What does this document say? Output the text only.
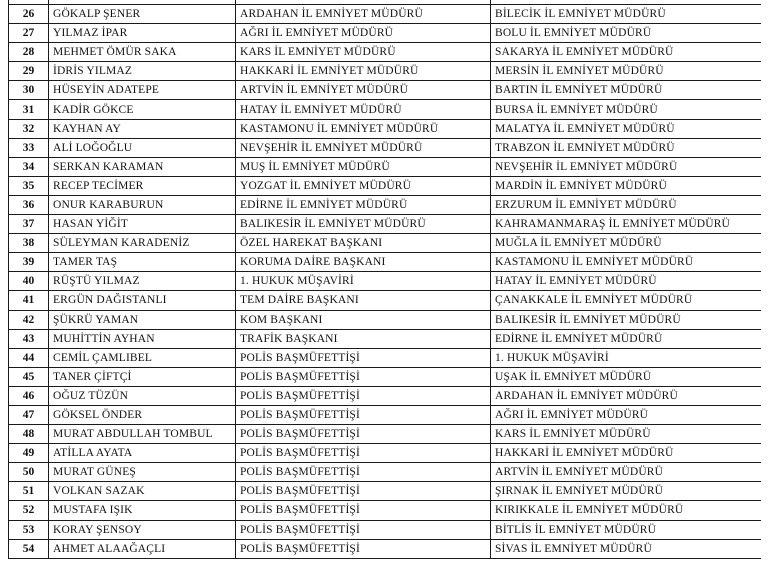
26	GÖKALP ŞENER	ARDAHAN İL EMNİYET MÜDÜRÜ	BİLECİK İL EMNİYET MÜDÜRÜ
27	YILMAZ İPAR	AĞRI İL EMNİYET MÜDÜRÜ	BOLU İL EMNİYET MÜDÜRÜ
28	MEHMET ÖMÜR SAKA	KARS İL EMNİYET MÜDÜRÜ	SAKARYA İL EMNİYET MÜDÜRÜ
29	İDRİS YILMAZ	HAKKARİ İL EMNİYET MÜDÜRÜ	MERSİN İL EMNİYET MÜDÜRÜ
30	HÜSEYİN ADATEPE	ARTVİN İL EMNİYET MÜDÜRÜ	BARTIN İL EMNİYET MÜDÜRÜ
31	KADİR GÖKCE	HATAY İL EMNİYET MÜDÜRÜ	BURSA İL EMNİYET MÜDÜRÜ
32	KAYHAN AY	KASTAMONU İL EMNİYET MÜDÜRÜ	MALATYA İL EMNİYET MÜDÜRÜ
33	ALİ LOĞOĞLU	NEVŞEHİR İL EMNİYET MÜDÜRÜ	TRABZON İL EMNİYET MÜDÜRÜ
34	SERKAN KARAMAN	MUŞ İL EMNİYET MÜDÜRÜ	NEVŞEHİR İL EMNİYET MÜDÜRÜ
35	RECEP TECİMER	YOZGAT İL EMNİYET MÜDÜRÜ	MARDİN İL EMNİYET MÜDÜRÜ
36	ONUR KARABURUN	EDİRNE İL EMNİYET MÜDÜRÜ	ERZURUM İL EMNİYET MÜDÜRÜ
37	HASAN YİĞİT	BALIKESİR İL EMNİYET MÜDÜRÜ	KAHRAMANMARAŞ İL EMNİYET MÜDÜRÜ
38	SÜLEYMAN KARADENİZ	ÖZEL HAREKAT BAŞKANI	MUĞLA İL EMNİYET MÜDÜRÜ
39	TAMER TAŞ	KORUMA DAİRE BAŞKANI	KASTAMONU İL EMNİYET MÜDÜRÜ
40	RÜŞTÜ YILMAZ	1. HUKUK MÜŞAVİRİ	HATAY İL EMNİYET MÜDÜRÜ
41	ERGÜN DAĞISTANLI	TEM DAİRE BAŞKANI	ÇANAKKALE İL EMNİYET MÜDÜRÜ
42	ŞÜKRÜ YAMAN	KOM BAŞKANI	BALIKESİR İL EMNİYET MÜDÜRÜ
43	MUHİTTİN AYHAN	TRAFİK BAŞKANI	EDİRNE İL EMNİYET MÜDÜRÜ
44	CEMİL ÇAMLIBEL	POLİS BAŞMÜFETTİŞİ	1. HUKUK MÜŞAVİRİ
45	TANER ÇİFTÇİ	POLİS BAŞMÜFETTİŞİ	UŞAK İL EMNİYET MÜDÜRÜ
46	OĞUZ TÜZÜN	POLİS BAŞMÜFETTİŞİ	ARDAHAN İL EMNİYET MÜDÜRÜ
47	GÖKSEL ÖNDER	POLİS BAŞMÜFETTİŞİ	AĞRI İL EMNİYET MÜDÜRÜ
48	MURAT ABDULLAH TOMBUL	POLİS BAŞMÜFETTİŞİ	KARS İL EMNİYET MÜDÜRÜ
49	ATİLLA AYATA	POLİS BAŞMÜFETTİŞİ	HAKKARİ İL EMNİYET MÜDÜRÜ
50	MURAT GÜNEŞ	POLİS BAŞMÜFETTİŞİ	ARTVİN İL EMNİYET MÜDÜRÜ
51	VOLKAN SAZAK	POLİS BAŞMÜFETTİŞİ	ŞIRNAK İL EMNİYET MÜDÜRÜ
52	MUSTAFA IŞIK	POLİS BAŞMÜFETTİŞİ	KIRIKKALE İL EMNİYET MÜDÜRÜ
53	KORAY ŞENSOY	POLİS BAŞMÜFETTİŞİ	BİTLİS İL EMNİYET MÜDÜRÜ
54	AHMET ALAAĞAÇLI	POLİS BAŞMÜFETTİŞİ	SİVAS İL EMNİYET MÜDÜRÜ
